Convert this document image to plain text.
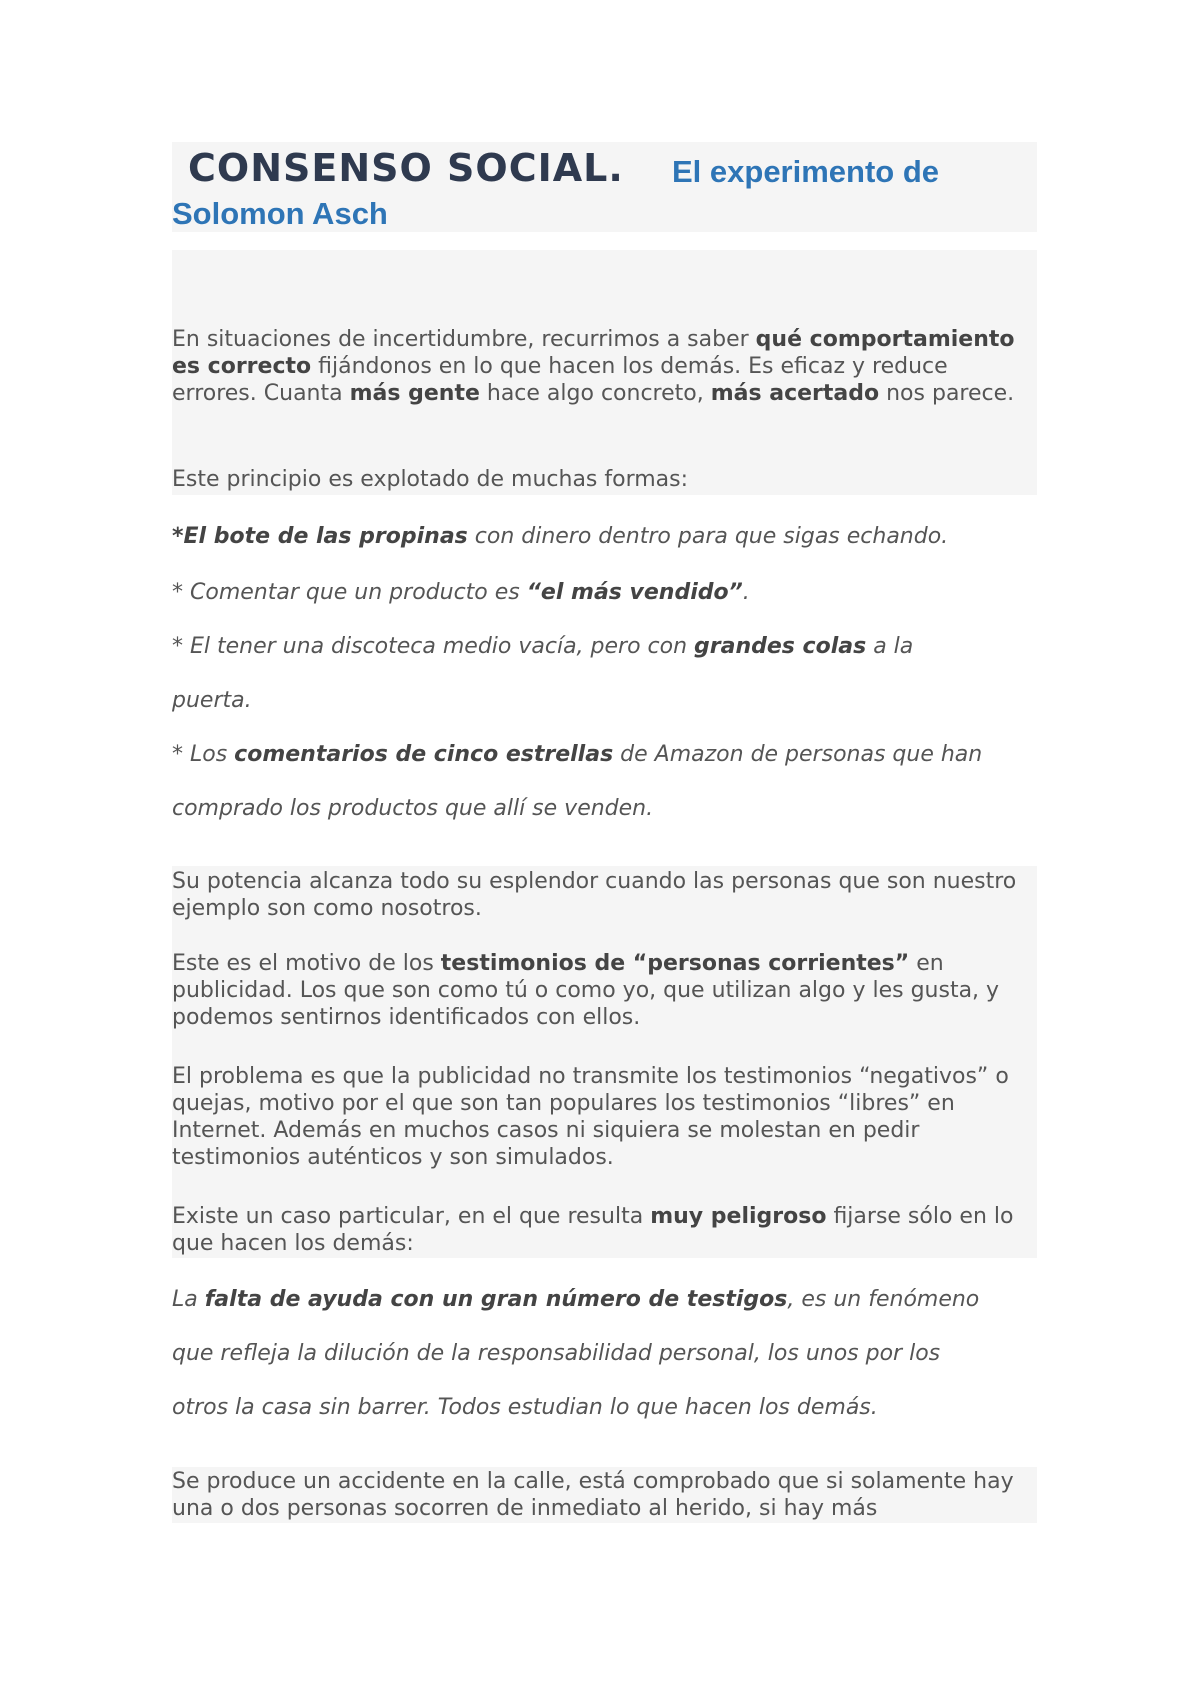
CONSENSO SOCIAL. El experimento de
Solomon Asch
En situaciones de incertidumbre, recurrimos a saber qué comportamiento es correcto fijándonos en lo que hacen los demás. Es eficaz y reduce errores. Cuanta más gente hace algo concreto, más acertado nos parece.
Este principio es explotado de muchas formas:
*El bote de las propinas con dinero dentro para que sigas echando.
* Comentar que un producto es “el más vendido”.
* El tener una discoteca medio vacía, pero con grandes colas a la
puerta.
* Los comentarios de cinco estrellas de Amazon de personas que han
comprado los productos que allí se venden.
Su potencia alcanza todo su esplendor cuando las personas que son nuestro ejemplo son como nosotros.
Este es el motivo de los testimonios de “personas corrientes” en publicidad. Los que son como tú o como yo, que utilizan algo y les gusta, y podemos sentirnos identificados con ellos.
El problema es que la publicidad no transmite los testimonios “negativos” o quejas, motivo por el que son tan populares los testimonios “libres” en Internet. Además en muchos casos ni siquiera se molestan en pedir testimonios auténticos y son simulados.
Existe un caso particular, en el que resulta muy peligroso fijarse sólo en lo que hacen los demás:
La falta de ayuda con un gran número de testigos, es un fenómeno
que refleja la dilución de la responsabilidad personal, los unos por los
otros la casa sin barrer. Todos estudian lo que hacen los demás.
Se produce un accidente en la calle, está comprobado que si solamente hay una o dos personas socorren de inmediato al herido, si hay más
